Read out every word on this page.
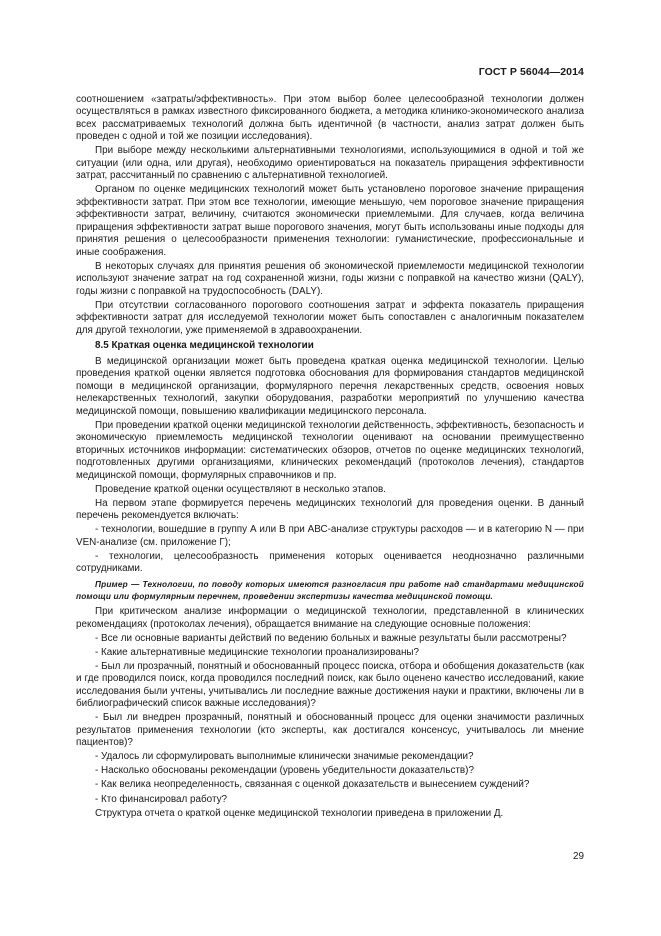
ГОСТ Р 56044—2014

соотношением «затраты/эффективность». При этом выбор более целесообразной технологии должен осуществляться в рамках известного фиксированного бюджета, а методика клинико-экономического анализа всех рассматриваемых технологий должна быть идентичной (в частности, анализ затрат должен быть проведен с одной и той же позиции исследования).

При выборе между несколькими альтернативными технологиями, использующимися в одной и той же ситуации (или одна, или другая), необходимо ориентироваться на показатель приращения эффективности затрат, рассчитанный по сравнению с альтернативной технологией.

Органом по оценке медицинских технологий может быть установлено пороговое значение приращения эффективности затрат. При этом все технологии, имеющие меньшую, чем пороговое значение приращения эффективности затрат, величину, считаются экономически приемлемыми. Для случаев, когда величина приращения эффективности затрат выше порогового значения, могут быть использованы иные подходы для принятия решения о целесообразности применения технологии: гуманистические, профессиональные и иные соображения.

В некоторых случаях для принятия решения об экономической приемлемости медицинской технологии используют значение затрат на год сохраненной жизни, годы жизни с поправкой на качество жизни (QALY), годы жизни с поправкой на трудоспособность (DALY).

При отсутствии согласованного порогового соотношения затрат и эффекта показатель приращения эффективности затрат для исследуемой технологии может быть сопоставлен с аналогичным показателем для другой технологии, уже применяемой в здравоохранении.

8.5 Краткая оценка медицинской технологии

В медицинской организации может быть проведена краткая оценка медицинской технологии. Целью проведения краткой оценки является подготовка обоснования для формирования стандартов медицинской помощи в медицинской организации, формулярного перечня лекарственных средств, освоения новых нелекарственных технологий, закупки оборудования, разработки мероприятий по улучшению качества медицинской помощи, повышению квалификации медицинского персонала.

При проведении краткой оценки медицинской технологии действенность, эффективность, безопасность и экономическую приемлемость медицинской технологии оценивают на основании преимущественно вторичных источников информации: систематических обзоров, отчетов по оценке медицинских технологий, подготовленных другими организациями, клинических рекомендаций (протоколов лечения), стандартов медицинской помощи, формулярных справочников и пр.

Проведение краткой оценки осуществляют в несколько этапов.

На первом этапе формируется перечень медицинских технологий для проведения оценки. В данный перечень рекомендуется включать:

- технологии, вошедшие в группу А или В при АВС-анализе структуры расходов — и в категорию N — при VEN-анализе (см. приложение Г);

- технологии, целесообразность применения которых оценивается неоднозначно различными сотрудниками.

Пример — Технологии, по поводу которых имеются разногласия при работе над стандартами медицинской помощи или формулярным перечнем, проведении экспертизы качества медицинской помощи.

При критическом анализе информации о медицинской технологии, представленной в клинических рекомендациях (протоколах лечения), обращается внимание на следующие основные положения:

- Все ли основные варианты действий по ведению больных и важные результаты были рассмотрены?

- Какие альтернативные медицинские технологии проанализированы?

- Был ли прозрачный, понятный и обоснованный процесс поиска, отбора и обобщения доказательств (как и где проводился поиск, когда проводился последний поиск, как было оценено качество исследований, какие исследования были учтены, учитывались ли последние важные достижения науки и практики, включены ли в библиографический список важные исследования)?

- Был ли внедрен прозрачный, понятный и обоснованный процесс для оценки значимости различных результатов применения технологии (кто эксперты, как достигался консенсус, учитывалось ли мнение пациентов)?

- Удалось ли сформулировать выполнимые клинически значимые рекомендации?

- Насколько обоснованы рекомендации (уровень убедительности доказательств)?

- Как велика неопределенность, связанная с оценкой доказательств и вынесением суждений?

- Кто финансировал работу?

Структура отчета о краткой оценке медицинской технологии приведена в приложении Д.

29
